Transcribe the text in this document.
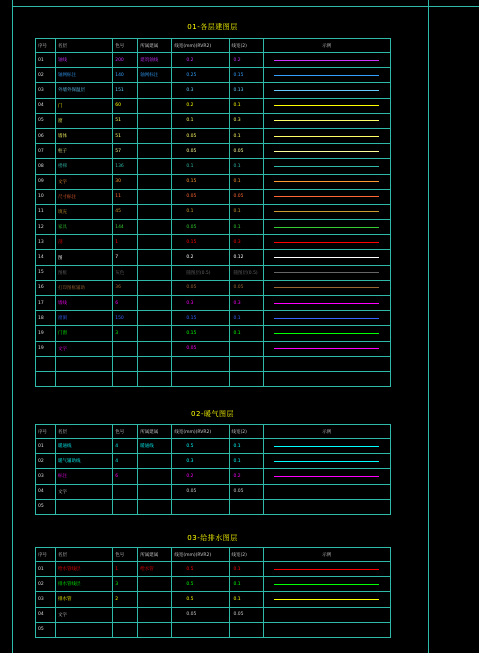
01-各层建图层
序号	名层	色号	所属建属	线宽(mm)(RVR2)	线宽(2)	示例
01	轴线	200	建筑轴线	0.2	0.2	

02	轴网标注	140	轴网标注	0.25	0.15	

03	外墙外保温层	151		0.3	0.13	

04	门	60		0.2	0.1	

05	窗	51		0.1	0.3	

06	墙体	51		0.05	0.1	

07	柱子	57		0.05	0.05	

08	楼梯	136		0.1	0.1	

09	文字	30		0.15	0.1	

10	尺寸标注	11		0.05	0.05	

11	填充	45		0.1	0.1	

12	家具	144		0.05	0.1	

13	剖	1		0.15	0.3	

14	图	7		0.2	0.12	

15	图框	灰色		随图层(0.5)	随图层(0.5)	

16	打印图框辅助	36		0.05	0.05	

17	墙线	6		0.3	0.3	

18	窗洞	150		0.15	0.1	

19	门窗	3		0.15	0.1	

19	文字			0.05		

02-暖气图层
序号	名层	色号	所属建属	线宽(mm)(RVR2)	线宽(2)	示例
01	暖通线	4	暖通线	0.5	0.1	

02	暖气辅助线	4		0.3	0.1	

03	标注	6		0.2	0.2	

04	文字			0.05	0.05	
05						
03-给排水图层
序号	名层	色号	所属建属	线宽(mm)(RVR2)	线宽(2)	示例
01	给水管线层	1	给水管	0.5	0.1	

02	排水管线层	3		0.5	0.1	

03	排水管	2		0.5	0.1	

04	文字			0.05	0.05	
05						
